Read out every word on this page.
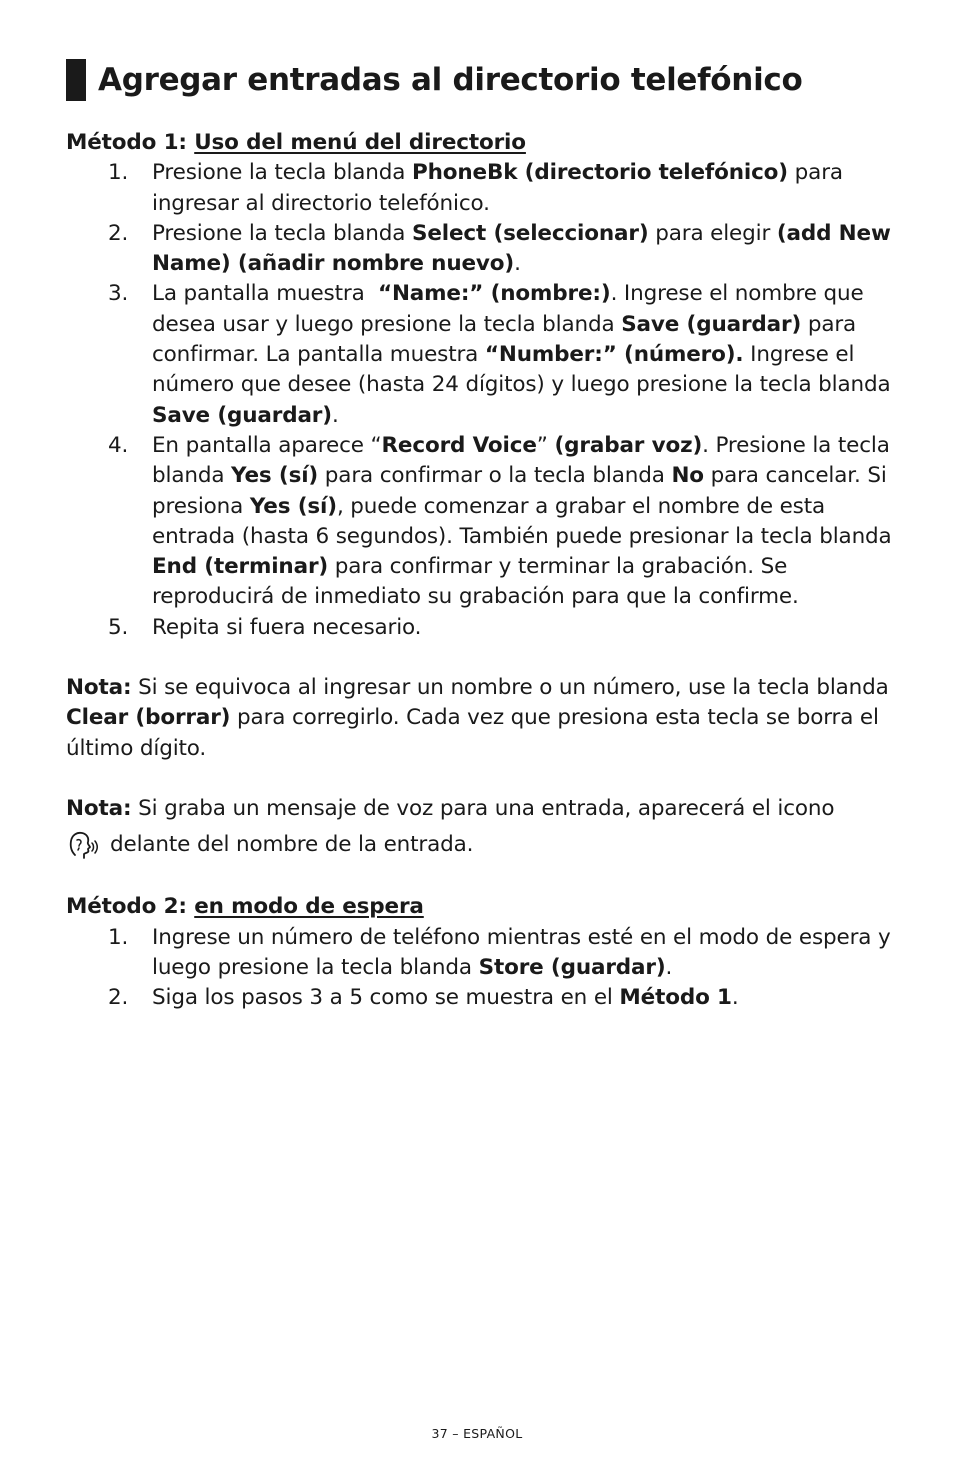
Agregar entradas al directorio telefónico

Método 1: Uso del menú del directorio

1. Presione la tecla blanda PhoneBk (directorio telefónico) para ingresar al directorio telefónico.
2. Presione la tecla blanda Select (seleccionar) para elegir (add New Name) (añadir nombre nuevo).
3. La pantalla muestra  “Name:” (nombre:). Ingrese el nombre que desea usar y luego presione la tecla blanda Save (guardar) para confirmar. La pantalla muestra “Number:” (número). Ingrese el número que desee (hasta 24 dígitos) y luego presione la tecla blanda Save (guardar).
4. En pantalla aparece “Record Voice” (grabar voz). Presione la tecla blanda Yes (sí) para confirmar o la tecla blanda No para cancelar. Si presiona Yes (sí), puede comenzar a grabar el nombre de esta entrada (hasta 6 segundos). También puede presionar la tecla blanda End (terminar) para confirmar y terminar la grabación. Se reproducirá de inmediato su grabación para que la confirme.
5. Repita si fuera necesario.

Nota: Si se equivoca al ingresar un nombre o un número, use la tecla blanda Clear (borrar) para corregirlo. Cada vez que presiona esta tecla se borra el último dígito.

Nota: Si graba un mensaje de voz para una entrada, aparecerá el icono

delante del nombre de la entrada.

Método 2: en modo de espera

1. Ingrese un número de teléfono mientras esté en el modo de espera y luego presione la tecla blanda Store (guardar).
2. Siga los pasos 3 a 5 como se muestra en el Método 1.
37 – ESPAÑOL
